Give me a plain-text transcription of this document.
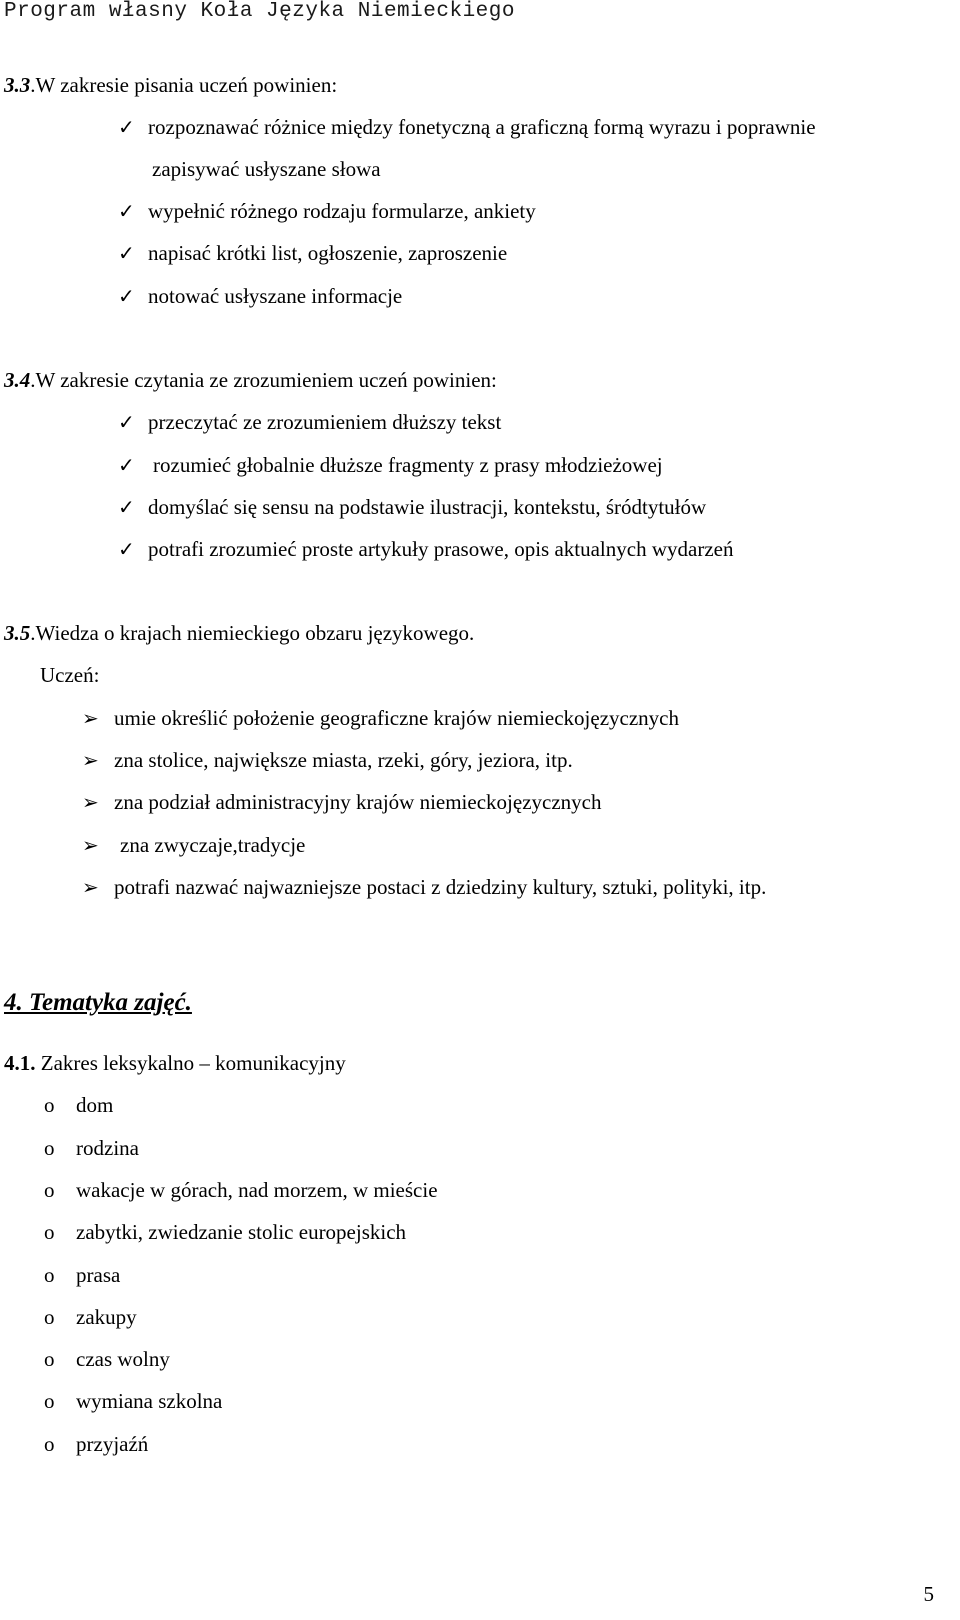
Program własny Koła Języka Niemieckiego
3.3.W zakresie pisania uczeń powinien:
✓ rozpoznawać różnice między fonetyczną a graficzną formą wyrazu i poprawnie
zapisywać usłyszane słowa
✓ wypełnić różnego rodzaju formularze, ankiety
✓ napisać krótki list, ogłoszenie, zaproszenie
✓ notować usłyszane informacje
3.4.W zakresie czytania ze zrozumieniem uczeń powinien:
✓ przeczytać ze zrozumieniem dłuższy tekst
✓ rozumieć głobalnie dłuższe fragmenty z prasy młodzieżowej
✓ domyślać się sensu na podstawie ilustracji, kontekstu, śródtytułów
✓ potrafi zrozumieć proste artykuły prasowe, opis aktualnych wydarzeń
3.5.Wiedza o krajach niemieckiego obzaru językowego.
Uczeń:
➢ umie określić położenie geograficzne krajów niemieckojęzycznych
➢ zna stolice, największe miasta, rzeki, góry, jeziora, itp.
➢ zna podział administracyjny krajów niemieckojęzycznych
➢ zna zwyczaje,tradycje
➢ potrafi nazwać najwazniejsze postaci z dziedziny kultury, sztuki, polityki, itp.
4. Tematyka zajęć.
4.1. Zakres leksykalno – komunikacyjny
o dom
o rodzina
o wakacje w górach, nad morzem, w mieście
o zabytki, zwiedzanie stolic europejskich
o prasa
o zakupy
o czas wolny
o wymiana szkolna
o przyjaźń
5
